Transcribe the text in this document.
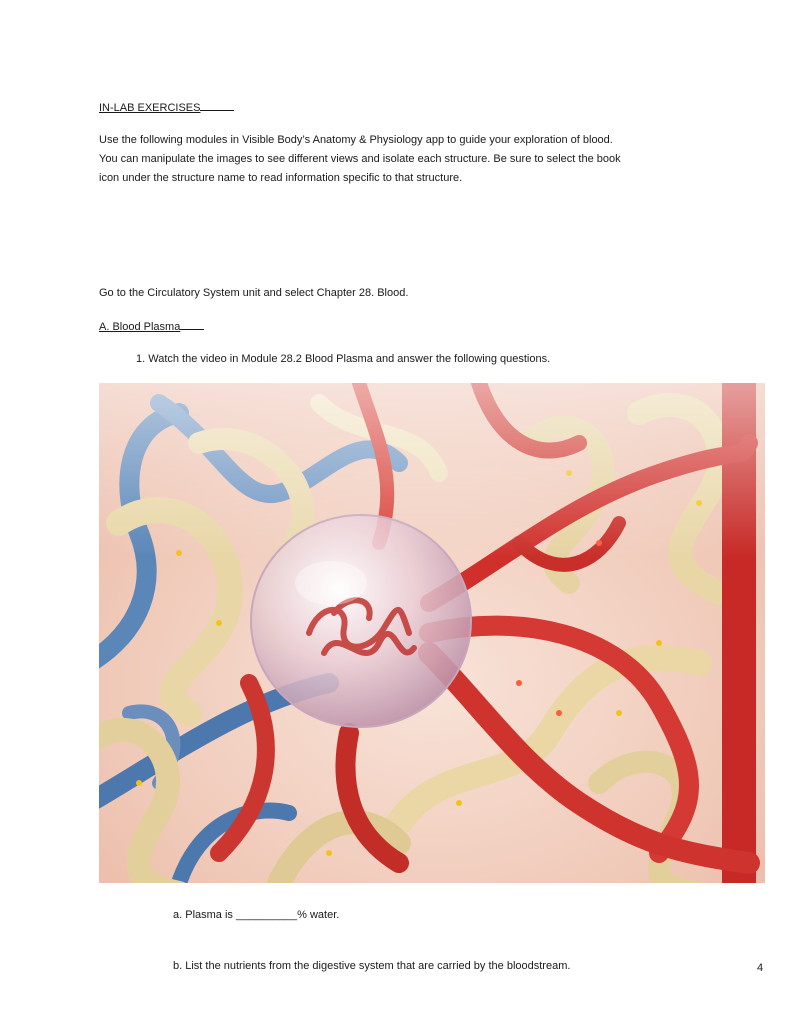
IN-LAB EXERCISES
Use the following modules in Visible Body’s Anatomy & Physiology app to guide your exploration of blood. You can manipulate the images to see different views and isolate each structure. Be sure to select the book icon under the structure name to read information specific to that structure.
Go to the Circulatory System unit and select Chapter 28. Blood.
A. Blood Plasma
1. Watch the video in Module 28.2 Blood Plasma and answer the following questions.
a. Plasma is __________% water.
b. List the nutrients from the digestive system that are carried by the bloodstream.	4
